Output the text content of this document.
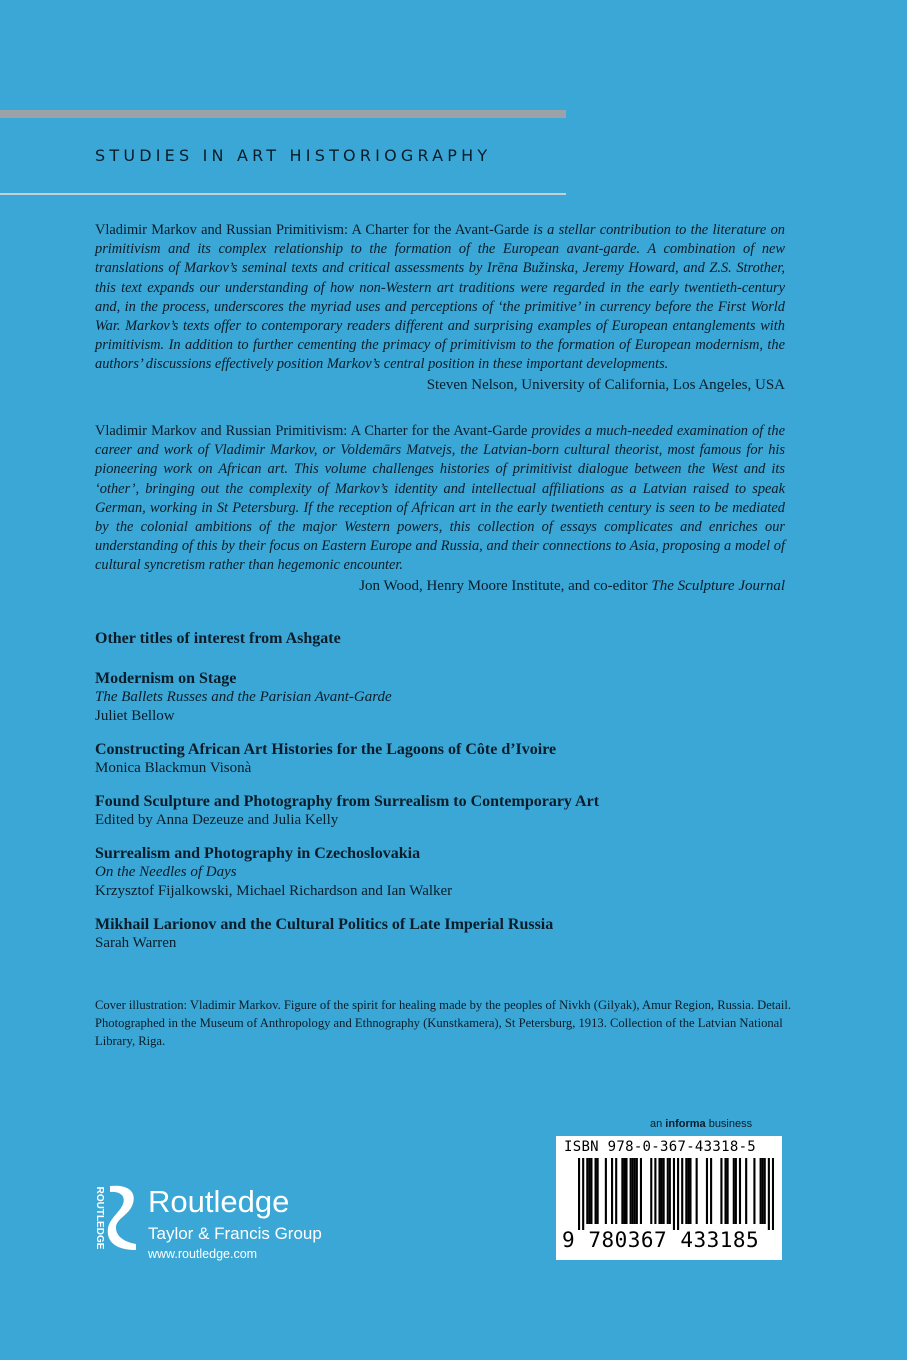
STUDIES IN ART HISTORIOGRAPHY
Vladimir Markov and Russian Primitivism: A Charter for the Avant-Garde is a stellar contribution to the literature on primitivism and its complex relationship to the formation of the European avant-garde. A combination of new translations of Markov’s seminal texts and critical assessments by Irēna Bužinska, Jeremy Howard, and Z.S. Strother, this text expands our understanding of how non-Western art traditions were regarded in the early twentieth-century and, in the process, underscores the myriad uses and perceptions of ‘the primitive’ in currency before the First World War. Markov’s texts offer to contemporary readers different and surprising examples of European entanglements with primitivism. In addition to further cementing the primacy of primitivism to the formation of European modernism, the authors’ discussions effectively position Markov’s central position in these important developments.
Steven Nelson, University of California, Los Angeles, USA
Vladimir Markov and Russian Primitivism: A Charter for the Avant-Garde provides a much-needed examination of the career and work of Vladimir Markov, or Voldemārs Matvejs, the Latvian-born cultural theorist, most famous for his pioneering work on African art. This volume challenges histories of primitivist dialogue between the West and its ‘other’, bringing out the complexity of Markov’s identity and intellectual affiliations as a Latvian raised to speak German, working in St Petersburg. If the reception of African art in the early twentieth century is seen to be mediated by the colonial ambitions of the major Western powers, this collection of essays complicates and enriches our understanding of this by their focus on Eastern Europe and Russia, and their connections to Asia, proposing a model of cultural syncretism rather than hegemonic encounter.
Jon Wood, Henry Moore Institute, and co-editor The Sculpture Journal
Other titles of interest from Ashgate
Modernism on Stage
The Ballets Russes and the Parisian Avant-Garde
Juliet Bellow
Constructing African Art Histories for the Lagoons of Côte d’Ivoire
Monica Blackmun Visonà
Found Sculpture and Photography from Surrealism to Contemporary Art
Edited by Anna Dezeuze and Julia Kelly
Surrealism and Photography in Czechoslovakia
On the Needles of Days
Krzysztof Fijalkowski, Michael Richardson and Ian Walker
Mikhail Larionov and the Cultural Politics of Late Imperial Russia
Sarah Warren
Cover illustration: Vladimir Markov. Figure of the spirit for healing made by the peoples of Nivkh (Gilyak), Amur Region, Russia. Detail. Photographed in the Museum of Anthropology and Ethnography (Kunstkamera), St Petersburg, 1913. Collection of the Latvian National Library, Riga.
ROUTLEDGE Routledge
Taylor & Francis Group
www.routledge.com
an informa business
ISBN 978-0-367-43318-5
9 780367 433185
